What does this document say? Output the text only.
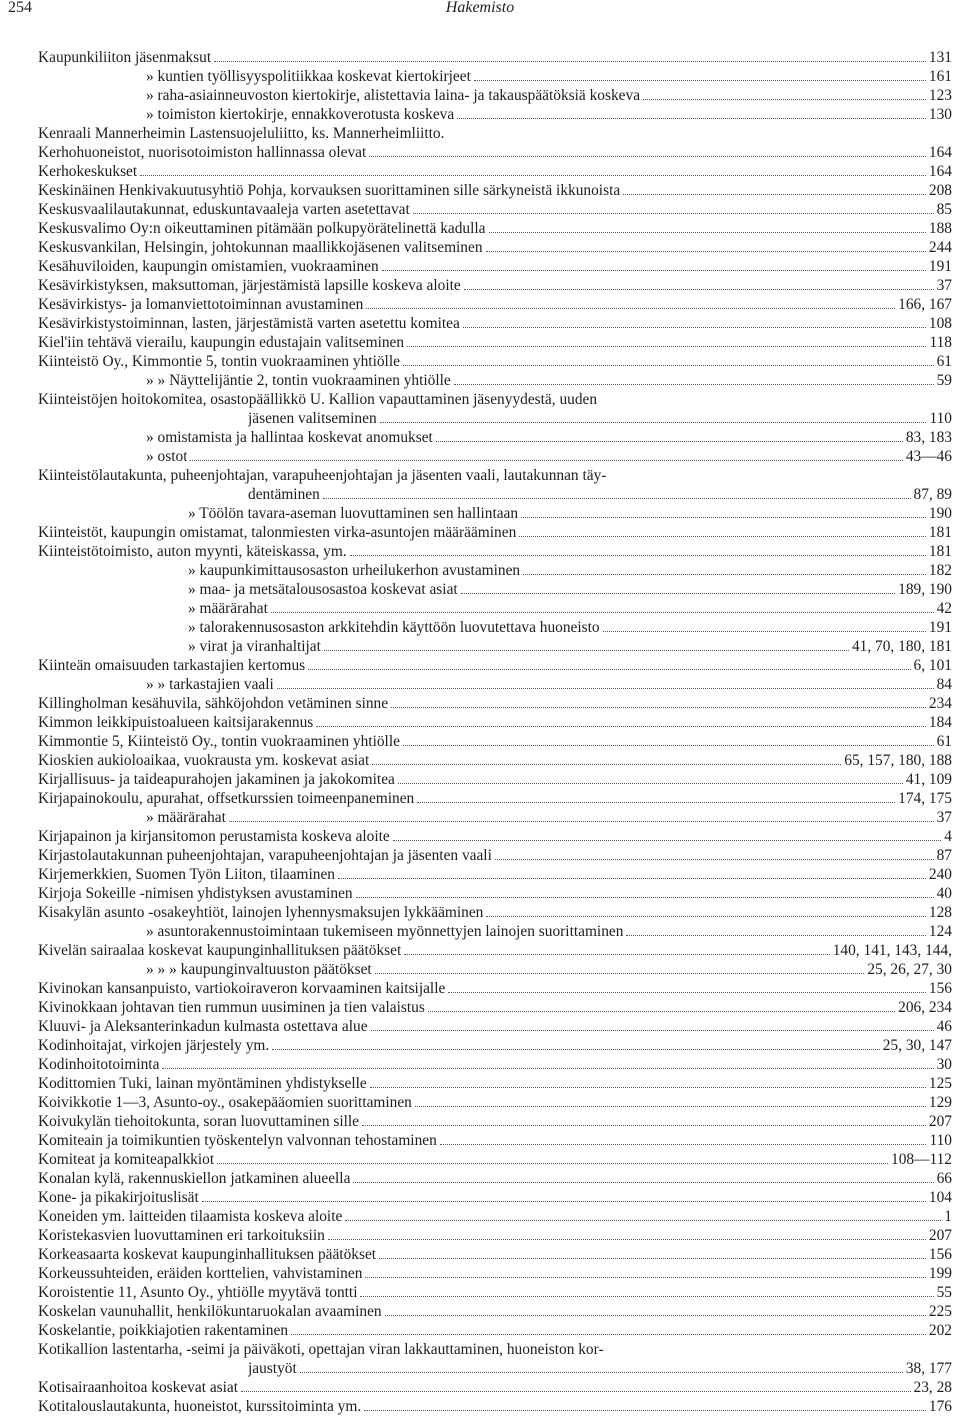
254	Hakemisto
Kaupunkiliiton jäsenmaksut	131
» kuntien työllisyyspolitiikkaa koskevat kiertokirjeet	161
» raha-asiainneuvoston kiertokirje, alistettavia laina- ja takauspäätöksiä koskeva	123
» toimiston kiertokirje, ennakkoverotusta koskeva	130
Kenraali Mannerheimin Lastensuojeluliitto, ks. Mannerheimliitto.
Kerhohuoneistot, nuorisotoimiston hallinnassa olevat	164
Kerhokeskukset	164
Keskinäinen Henkivakuutusyhtiö Pohja, korvauksen suorittaminen sille särkyneistä ikkunoista	208
Keskusvaalilautakunnat, eduskuntavaaleja varten asetettavat	85
Keskusvalimo Oy:n oikeuttaminen pitämään polkupyörätelinettä kadulla	188
Keskusvankilan, Helsingin, johtokunnan maallikkojäsenen valitseminen	244
Kesähuviloiden, kaupungin omistamien, vuokraaminen	191
Kesävirkistyksen, maksuttoman, järjestämistä lapsille koskeva aloite	37
Kesävirkistys- ja lomanviettotoiminnan avustaminen	166, 167
Kesävirkistystoiminnan, lasten, järjestämistä varten asetettu komitea	108
Kiel'iin tehtävä vierailu, kaupungin edustajain valitseminen	118
Kiinteistö Oy., Kimmontie 5, tontin vuokraaminen yhtiölle	61
» » Näyttelijäntie 2, tontin vuokraaminen yhtiölle	59
Kiinteistöjen hoitokomitea, osastopäällikkö U. Kallion vapauttaminen jäsenyydestä, uuden
jäsenen valitseminen	110
» omistamista ja hallintaa koskevat anomukset	83, 183
» ostot	43—46
Kiinteistölautakunta, puheenjohtajan, varapuheenjohtajan ja jäsenten vaali, lautakunnan täy-
dentäminen	87, 89
» Töölön tavara-aseman luovuttaminen sen hallintaan	190
Kiinteistöt, kaupungin omistamat, talonmiesten virka-asuntojen määrääminen	181
Kiinteistötoimisto, auton myynti, käteiskassa, ym.	181
» kaupunkimittausosaston urheilukerhon avustaminen	182
» maa- ja metsätalousosastoa koskevat asiat	189, 190
» määrärahat	42
» talorakennusosaston arkkitehdin käyttöön luovutettava huoneisto	191
» virat ja viranhaltijat	41, 70, 180, 181
Kiinteän omaisuuden tarkastajien kertomus	6, 101
» » tarkastajien vaali	84
Killingholman kesähuvila, sähköjohdon vetäminen sinne	234
Kimmon leikkipuistoalueen kaitsijarakennus	184
Kimmontie 5, Kiinteistö Oy., tontin vuokraaminen yhtiölle	61
Kioskien aukioloaikaa, vuokrausta ym. koskevat asiat	65, 157, 180, 188
Kirjallisuus- ja taideapurahojen jakaminen ja jakokomitea	41, 109
Kirjapainokoulu, apurahat, offsetkurssien toimeenpaneminen	174, 175
» määrärahat	37
Kirjapainon ja kirjansitomon perustamista koskeva aloite	4
Kirjastolautakunnan puheenjohtajan, varapuheenjohtajan ja jäsenten vaali	87
Kirjemerkkien, Suomen Työn Liiton, tilaaminen	240
Kirjoja Sokeille -nimisen yhdistyksen avustaminen	40
Kisakylän asunto -osakeyhtiöt, lainojen lyhennysmaksujen lykkääminen	128
» asuntorakennustoimintaan tukemiseen myönnettyjen lainojen suorittaminen	124
Kivelän sairaalaa koskevat kaupunginhallituksen päätökset	140, 141, 143, 144,
» » » kaupunginvaltuuston päätökset	25, 26, 27, 30
Kivinokan kansanpuisto, vartiokoiraveron korvaaminen kaitsijalle	156
Kivinokkaan johtavan tien rummun uusiminen ja tien valaistus	206, 234
Kluuvi- ja Aleksanterinkadun kulmasta ostettava alue	46
Kodinhoitajat, virkojen järjestely ym.	25, 30, 147
Kodinhoitotoiminta	30
Kodittomien Tuki, lainan myöntäminen yhdistykselle	125
Koivikkotie 1—3, Asunto-oy., osakepääomien suorittaminen	129
Koivukylän tiehoitokunta, soran luovuttaminen sille	207
Komiteain ja toimikuntien työskentelyn valvonnan tehostaminen	110
Komiteat ja komiteapalkkiot	108—112
Konalan kylä, rakennuskiellon jatkaminen alueella	66
Kone- ja pikakirjoituslisät	104
Koneiden ym. laitteiden tilaamista koskeva aloite	1
Koristekasvien luovuttaminen eri tarkoituksiin	207
Korkeasaarta koskevat kaupunginhallituksen päätökset	156
Korkeussuhteiden, eräiden korttelien, vahvistaminen	199
Koroistentie 11, Asunto Oy., yhtiölle myytävä tontti	55
Koskelan vaunuhallit, henkilökuntaruokalan avaaminen	225
Koskelantie, poikkiajotien rakentaminen	202
Kotikallion lastentarha, -seimi ja päiväkoti, opettajan viran lakkauttaminen, huoneiston kor-
jaustyöt	38, 177
Kotisairaanhoitoa koskevat asiat	23, 28
Kotitalouslautakunta, huoneistot, kurssitoiminta ym.	176
